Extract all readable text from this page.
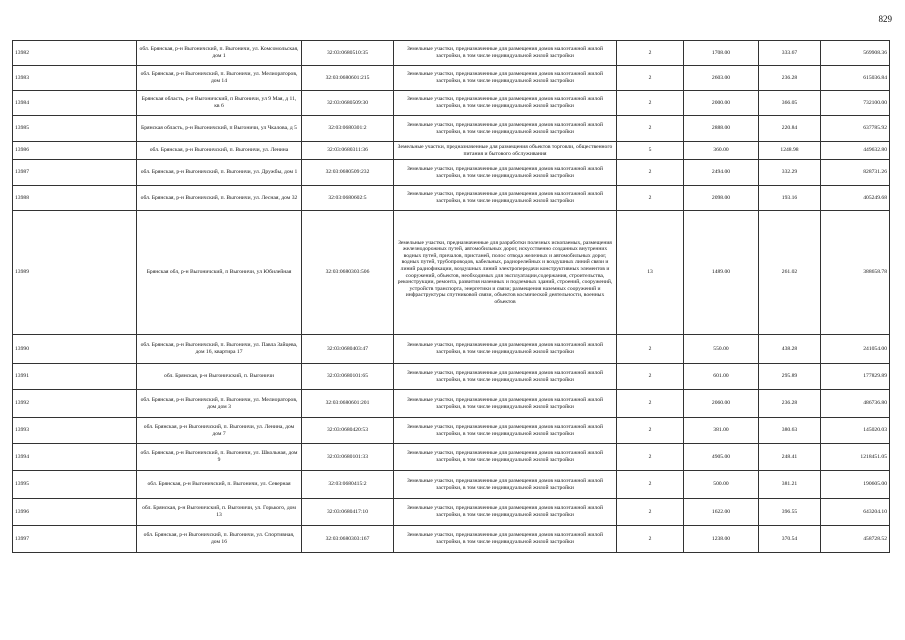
829
13982	обл. Брянская, р-н Выгоничский, п. Выгоничи, ул. Комсомольская, дом 1	32:03:0680510:35	Земельные участки, предназначенные для размещения домов малоэтажной жилой застройки, в том числе индивидуальной жилой застройки	2	1708.00	333.67	569908.36
13983	обл. Брянская, р-н Выгоничский, п. Выгоничи, ул. Мелиораторов, дом 14	32:03:0680601:215	Земельные участки, предназначенные для размещения домов малоэтажной жилой застройки, в том числе индивидуальной жилой застройки	2	2603.00	236.28	615036.84
13984	Брянская область, р-н Выгоничский, п Выгоничи, ул 9 Мая, д 11, кв 6	32:03:0680509:30	Земельные участки, предназначенные для размещения домов малоэтажной жилой застройки, в том числе индивидуальной жилой застройки	2	2000.00	366.05	732100.00
13985	Брянская область, р-н Выгоничский, п Выгоничи, ул Чкалова, д 5	32:03:0680301:2	Земельные участки, предназначенные для размещения домов малоэтажной жилой застройки, в том числе индивидуальной жилой застройки	2	2888.00	220.84	637785.92
13986	обл. Брянская, р-н Выгоничский, п. Выгоничи, ул. Ленина	32:03:0680311:36	Земельные участки, предназначенные для размещения объектов торговли, общественного питания и бытового обслуживания	5	360.00	1248.98	449632.80
13987	обл. Брянская, р-н Выгоничский, п. Выгоничи, ул. Дружбы, дом 1	32:03:0680509:232	Земельные участки, предназначенные для размещения домов малоэтажной жилой застройки, в том числе индивидуальной жилой застройки	2	2494.00	332.29	828731.26
13988	обл. Брянская, р-н Выгоничский, п. Выгоничи, ул. Лесная, дом 32	32:03:0680602:5	Земельные участки, предназначенные для размещения домов малоэтажной жилой застройки, в том числе индивидуальной жилой застройки	2	2098.00	193.16	405249.68
13989	Брянская обл, р-н Выгоничский, п Выгоничи, ул Юбилейная	32:03:0680303:506	Земельные участки, предназначенные для разработки полезных ископаемых, размещения железнодорожных путей, автомобильных дорог, искусственно созданных внутренних водных путей, причалов, пристаней, полос отвода железных и автомобильных дорог, водных путей, трубопроводов, кабельных, радиорелейных и воздушных линий связи и линий радиофикации, воздушных линий электропередачи конструктивных элементов и сооружений, объектов, необходимых для эксплуатации,содержания, строительства, реконструкции, ремонта, развития наземных и подземных зданий, строений, сооружений, устройств транспорта, энергетики и связи; размещения наземных сооружений и инфраструктуры спутниковой связи, объектов космической деятельности, военных объектов	13	1489.00	261.02	388658.78
13990	обл. Брянская, р-н Выгоничский, п. Выгоничи, ул. Павла Зайцева, дом 16, квартира 17	32:03:0680403:47	Земельные участки, предназначенные для размещения домов малоэтажной жилой застройки, в том числе индивидуальной жилой застройки	2	550.00	438.28	241054.00
13991	обл. Брянская, р-н Выгоничский, п. Выгоничи	32:03:0680101:65	Земельные участки, предназначенные для размещения домов малоэтажной жилой застройки, в том числе индивидуальной жилой застройки	2	601.00	295.89	177829.89
13992	обл. Брянская, р-н Выгоничский, п. Выгоничи, ул. Мелиораторов, дом дом 3	32:03:0680601:201	Земельные участки, предназначенные для размещения домов малоэтажной жилой застройки, в том числе индивидуальной жилой застройки	2	2060.00	236.28	486736.80
13993	обл. Брянская, р-н Выгоничский, п. Выгоничи, ул. Ленина, дом дом 7	32:03:0680420:53	Земельные участки, предназначенные для размещения домов малоэтажной жилой застройки, в том числе индивидуальной жилой застройки	2	381.00	380.63	145020.03
13994	обл. Брянская, р-н Выгоничский, п. Выгоничи, ул. Школьная, дом 9	32:03:0680101:33	Земельные участки, предназначенные для размещения домов малоэтажной жилой застройки, в том числе индивидуальной жилой застройки	2	4905.00	248.41	1218451.05
13995	обл. Брянская, р-н Выгоничский, п. Выгоничи, ул. Северная	32:03:0680415:2	Земельные участки, предназначенные для размещения домов малоэтажной жилой застройки, в том числе индивидуальной жилой застройки	2	500.00	381.21	190605.00
13996	обл. Брянская, р-н Выгоничский, п. Выгоничи, ул. Горького, дом 13	32:03:0680417:10	Земельные участки, предназначенные для размещения домов малоэтажной жилой застройки, в том числе индивидуальной жилой застройки	2	1622.00	396.55	643204.10
13997	обл. Брянская, р-н Выгоничский, п. Выгоничи, ул. Спортивная, дом 16	32:03:0680303:167	Земельные участки, предназначенные для размещения домов малоэтажной жилой застройки, в том числе индивидуальной жилой застройки	2	1238.00	370.54	458728.52
